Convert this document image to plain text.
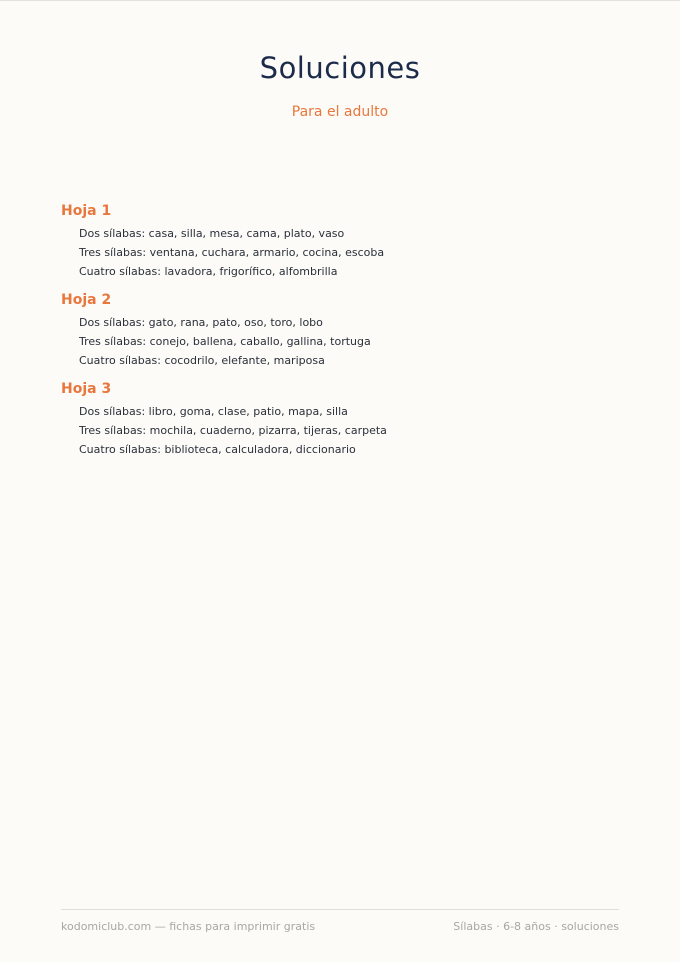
Soluciones
Para el adulto
Hoja 1
Dos sílabas: casa, silla, mesa, cama, plato, vaso
Tres sílabas: ventana, cuchara, armario, cocina, escoba
Cuatro sílabas: lavadora, frigorífico, alfombrilla
Hoja 2
Dos sílabas: gato, rana, pato, oso, toro, lobo
Tres sílabas: conejo, ballena, caballo, gallina, tortuga
Cuatro sílabas: cocodrilo, elefante, mariposa
Hoja 3
Dos sílabas: libro, goma, clase, patio, mapa, silla
Tres sílabas: mochila, cuaderno, pizarra, tijeras, carpeta
Cuatro sílabas: biblioteca, calculadora, diccionario
kodomiclub.com — fichas para imprimir gratis	Sílabas · 6-8 años · soluciones
